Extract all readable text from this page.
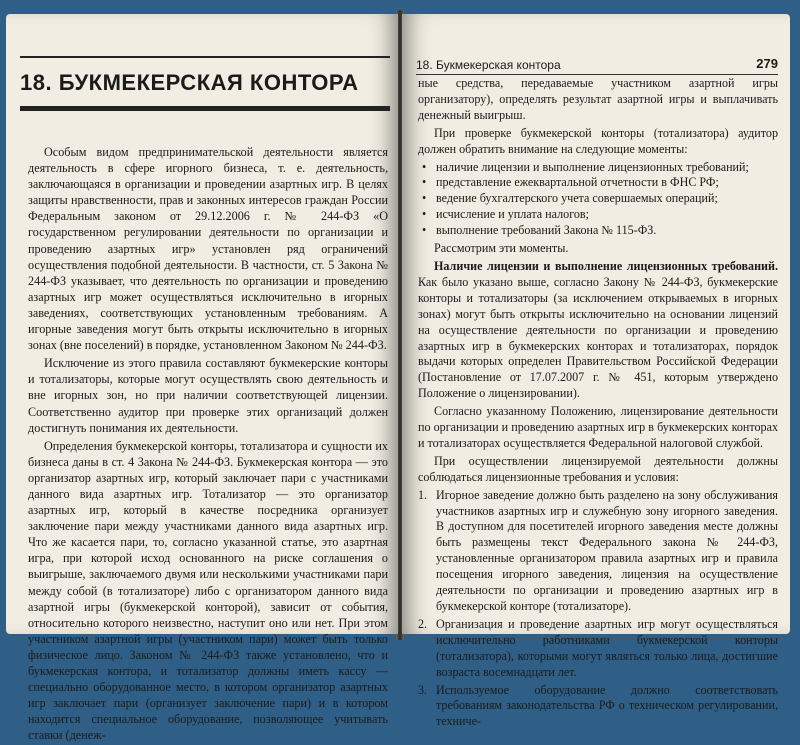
18. БУКМЕКЕРСКАЯ КОНТОРА

Особым видом предпринимательской деятельности является деятельность в сфере игорного бизнеса, т. е. деятельность, заключающаяся в организации и проведении азартных игр. В целях защиты нравственности, прав и законных интересов граждан России Федеральным законом от 29.12.2006 г. № 244-ФЗ «О государственном регулировании деятельности по организации и проведению азартных игр» установлен ряд ограничений осуществления подобной деятельности. В частности, ст. 5 Закона № 244-ФЗ указывает, что деятельность по организации и проведению азартных игр может осуществляться исключительно в игорных заведениях, соответствующих установленным требованиям. А игорные заведения могут быть открыты исключительно в игорных зонах (вне поселений) в порядке, установленном Законом № 244-ФЗ.

Исключение из этого правила составляют букмекерские конторы и тотализаторы, которые могут осуществлять свою деятельность и вне игорных зон, но при наличии соответствующей лицензии. Соответственно аудитор при проверке этих организаций должен достигнуть понимания их деятельности.

Определения букмекерской конторы, тотализатора и сущности их бизнеса даны в ст. 4 Закона № 244-ФЗ. Букмекерская контора — это организатор азартных игр, который заключает пари с участниками данного вида азартных игр. Тотализатор — это организатор азартных игр, который в качестве посредника организует заключение пари между участниками данного вида азартных игр. Что же касается пари, то, согласно указанной статье, это азартная игра, при которой исход основанного на риске соглашения о выигрыше, заключаемого двумя или несколькими участниками пари между собой (в тотализаторе) либо с организатором данного вида азартной игры (букмекерской конторой), зависит от события, относительно которого неизвестно, наступит оно или нет. При этом участником азартной игры (участником пари) может быть только физическое лицо. Законом № 244-ФЗ также установлено, что и букмекерская контора, и тотализатор должны иметь кассу — специально оборудованное место, в котором организатор азартных игр заключает пари (организует заключение пари) и в котором находится специальное оборудование, позволяющее учитывать ставки (денеж-

18. Букмекерская контора	279

ные средства, передаваемые участником азартной игры организатору), определять результат азартной игры и выплачивать денежный выигрыш.

При проверке букмекерской конторы (тотализатора) аудитор должен обратить внимание на следующие моменты:

• наличие лицензии и выполнение лицензионных требований;
• представление ежеквартальной отчетности в ФНС РФ;
• ведение бухгалтерского учета совершаемых операций;
• исчисление и уплата налогов;
• выполнение требований Закона № 115-ФЗ.

Рассмотрим эти моменты.

Наличие лицензии и выполнение лицензионных требований. Как было указано выше, согласно Закону № 244-ФЗ, букмекерские конторы и тотализаторы (за исключением открываемых в игорных зонах) могут быть открыты исключительно на основании лицензий на осуществление деятельности по организации и проведению азартных игр в букмекерских конторах и тотализаторах, порядок выдачи которых определен Правительством Российской Федерации (Постановление от 17.07.2007 г. № 451, которым утверждено Положение о лицензировании).

Согласно указанному Положению, лицензирование деятельности по организации и проведению азартных игр в букмекерских конторах и тотализаторах осуществляется Федеральной налоговой службой.

При осуществлении лицензируемой деятельности должны соблюдаться лицензионные требования и условия:

1. Игорное заведение должно быть разделено на зону обслуживания участников азартных игр и служебную зону игорного заведения. В доступном для посетителей игорного заведения месте должны быть размещены текст Федерального закона № 244-ФЗ, установленные организатором правила азартных игр и правила посещения игорного заведения, лицензия на осуществление деятельности по организации и проведению азартных игр в букмекерской конторе (тотализаторе).
2. Организация и проведение азартных игр могут осуществляться исключительно работниками букмекерской конторы (тотализатора), которыми могут являться только лица, достигшие возраста восемнадцати лет.
3. Используемое оборудование должно соответствовать требованиям законодательства РФ о техническом регулировании, техниче-
